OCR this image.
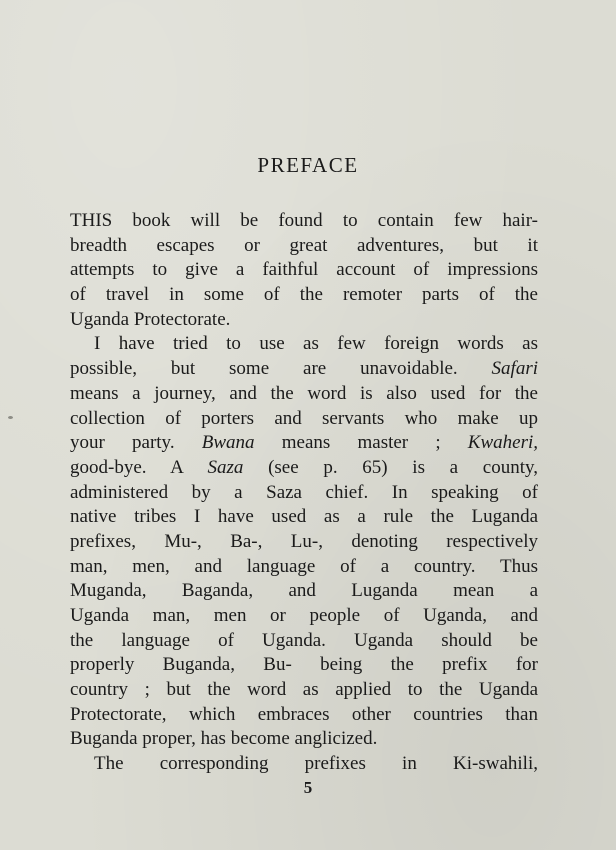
PREFACE
THIS book will be found to contain few hair-
breadth escapes or great adventures, but it
attempts to give a faithful account of impressions
of travel in some of the remoter parts of the
Uganda Protectorate.
I have tried to use as few foreign words as
possible, but some are unavoidable. Safari
means a journey, and the word is also used for the
collection of porters and servants who make up
your party. Bwana means master ; Kwaheri,
good-bye. A Saza (see p. 65) is a county,
administered by a Saza chief. In speaking of
native tribes I have used as a rule the Luganda
prefixes, Mu-, Ba-, Lu-, denoting respectively
man, men, and language of a country. Thus
Muganda, Baganda, and Luganda mean a
Uganda man, men or people of Uganda, and
the language of Uganda. Uganda should be
properly Buganda, Bu- being the prefix for
country ; but the word as applied to the Uganda
Protectorate, which embraces other countries than
Buganda proper, has become anglicized.
The corresponding prefixes in Ki-swahili,
5
